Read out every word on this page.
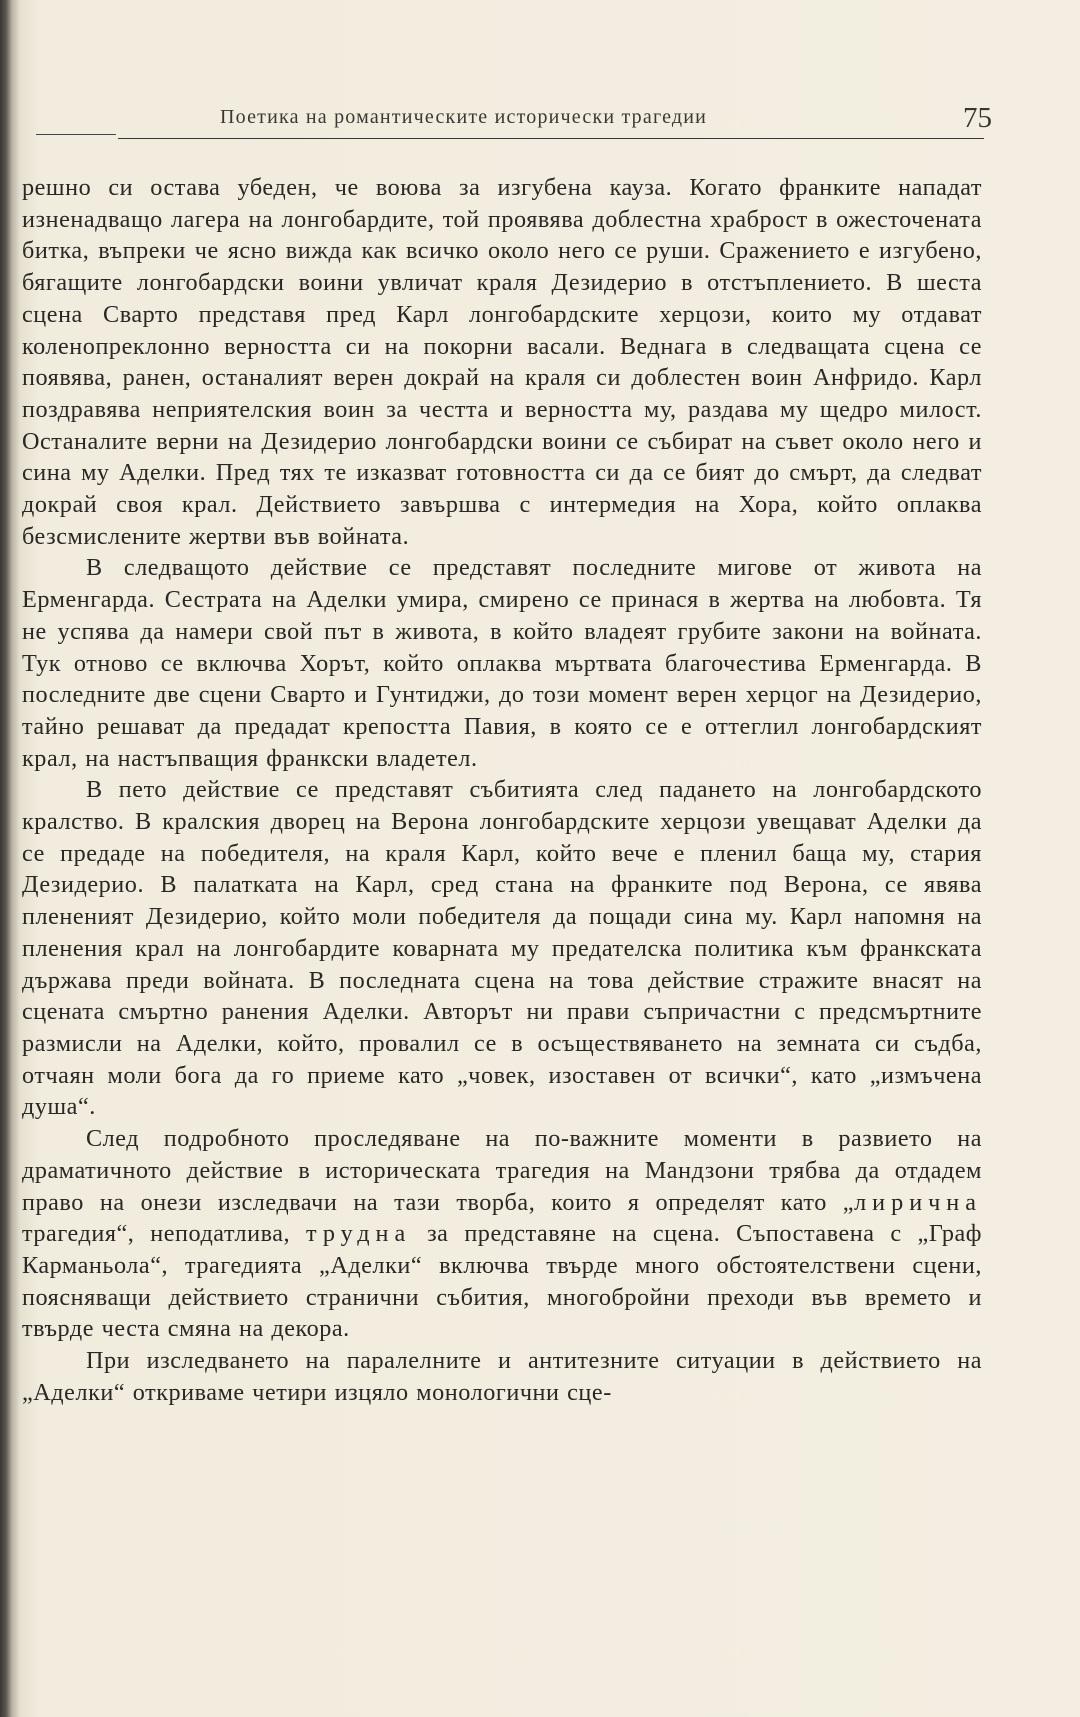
Поетика на романтическите исторически трагедии	75

решно си остава убеден, че воюва за изгубена кауза. Когато франките нападат изненадващо лагера на лонгобардите, той проявява доблестна храброст в ожесточената битка, въпреки че ясно вижда как всичко около него се руши. Сражението е изгубено, бягащите лонгобардски воини увличат краля Дезидерио в отстъплението. В шеста сцена Сварто представя пред Карл лонгобардските херцози, които му отдават коленопреклонно верността си на покорни васали. Веднага в следващата сцена се появява, ранен, останалият верен докрай на краля си доблестен воин Анфридо. Карл поздравява неприятелския воин за честта и верността му, раздава му щедро милост. Останалите верни на Дезидерио лонгобардски воини се събират на съвет около него и сина му Аделки. Пред тях те изказват готовността си да се бият до смърт, да следват докрай своя крал. Действието завършва с интермедия на Хора, който оплаква безсмислените жертви във войната.

В следващото действие се представят последните мигове от живота на Ерменгарда. Сестрата на Аделки умира, смирено се принася в жертва на любовта. Тя не успява да намери свой път в живота, в който владеят грубите закони на войната. Тук отново се включва Хорът, който оплаква мъртвата благочестива Ерменгарда. В последните две сцени Сварто и Гунтиджи, до този момент верен херцог на Дезидерио, тайно решават да предадат крепостта Павия, в която се е оттеглил лонгобардският крал, на настъпващия франкски владетел.

В пето действие се представят събитията след падането на лонгобардското кралство. В кралския дворец на Верона лонгобардските херцози увещават Аделки да се предаде на победителя, на краля Карл, който вече е пленил баща му, стария Дезидерио. В палатката на Карл, сред стана на франките под Верона, се явява плененият Дезидерио, който моли победителя да пощади сина му. Карл напомня на пленения крал на лонгобардите коварната му предателска политика към франкската държава преди войната. В последната сцена на това действие стражите внасят на сцената смъртно ранения Аделки. Авторът ни прави съпричастни с предсмъртните размисли на Аделки, който, провалил се в осъществяването на земната си съдба, отчаян моли бога да го приеме като „човек, изоставен от всички“, като „измъчена душа“.

След подробното проследяване на по-важните моменти в развието на драматичното действие в историческата трагедия на Мандзони трябва да отдадем право на онези изследвачи на тази творба, които я определят като „лирична трагедия“, неподатлива, трудна за представяне на сцена. Съпоставена с „Граф Карманьола“, трагедията „Аделки“ включва твърде много обстоятелствени сцени, поясняващи действието странични събития, многобройни преходи във времето и твърде честа смяна на декора.

При изследването на паралелните и антитезните ситуации в действието на „Аделки“ откриваме четири изцяло монологични сце-
